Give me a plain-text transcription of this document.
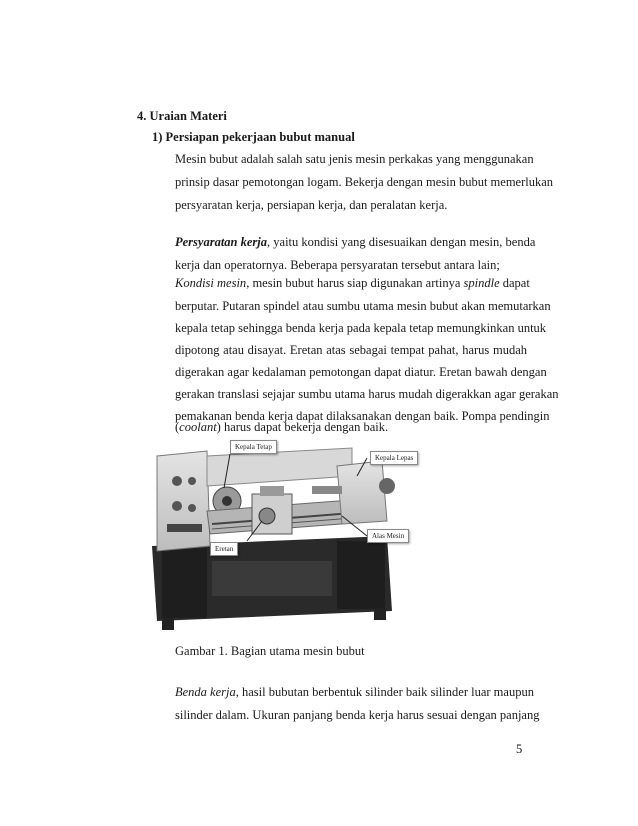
4. Uraian Materi
1) Persiapan pekerjaan bubut manual
Mesin bubut adalah salah satu jenis mesin perkakas yang menggunakan
prinsip dasar pemotongan logam. Bekerja dengan mesin bubut memerlukan
persyaratan kerja, persiapan kerja, dan peralatan kerja.
Persyaratan kerja, yaitu kondisi yang disesuaikan dengan mesin, benda
kerja dan operatornya. Beberapa persyaratan tersebut antara lain;
Kondisi mesin, mesin bubut harus siap digunakan artinya spindle dapat
berputar. Putaran spindel atau sumbu utama mesin bubut akan memutarkan
kepala tetap sehingga benda kerja pada kepala tetap memungkinkan untuk
dipotong atau disayat. Eretan atas sebagai tempat pahat, harus mudah
digerakan agar kedalaman pemotongan dapat diatur. Eretan bawah dengan
gerakan translasi sejajar sumbu utama harus mudah digerakkan agar gerakan
pemakanan benda kerja dapat dilaksanakan dengan baik. Pompa pendingin
(coolant) harus dapat bekerja dengan baik.
Kepala Tetap
Kepala Lepas
Eretan
Alas Mesin
Gambar 1. Bagian utama mesin bubut
Benda kerja, hasil bubutan berbentuk silinder baik silinder luar maupun
silinder dalam. Ukuran panjang benda kerja harus sesuai dengan panjang
5
